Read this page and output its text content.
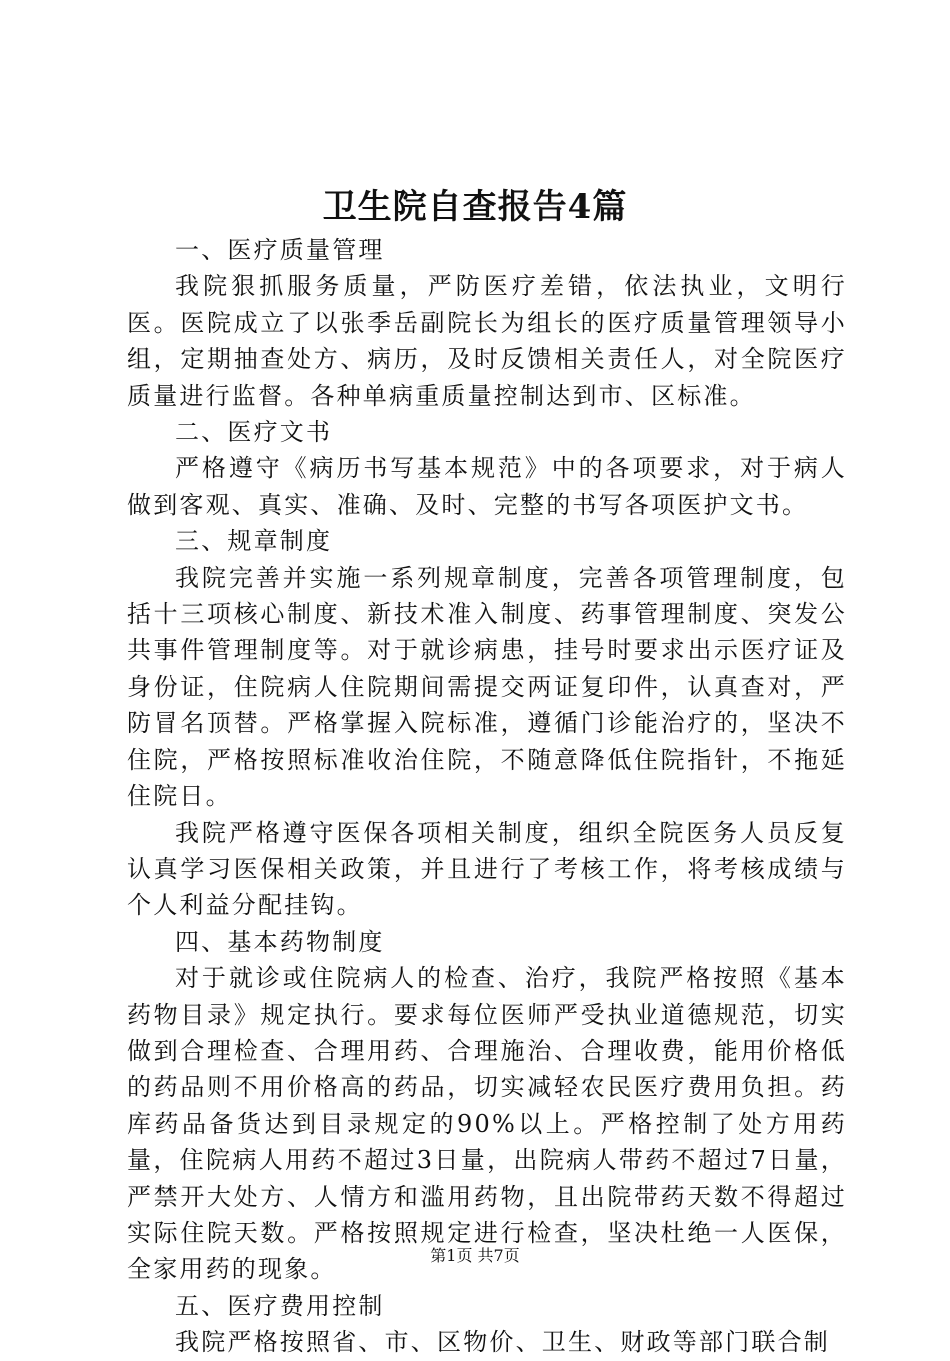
卫生院自查报告4篇

一、医疗质量管理

我院狠抓服务质量，严防医疗差错，依法执业，文明行医。医院成立了以张季岳副院长为组长的医疗质量管理领导小组，定期抽查处方、病历，及时反馈相关责任人，对全院医疗质量进行监督。各种单病重质量控制达到市、区标准。

二、医疗文书

严格遵守《病历书写基本规范》中的各项要求，对于病人做到客观、真实、准确、及时、完整的书写各项医护文书。

三、规章制度

我院完善并实施一系列规章制度，完善各项管理制度，包括十三项核心制度、新技术准入制度、药事管理制度、突发公共事件管理制度等。对于就诊病患，挂号时要求出示医疗证及身份证，住院病人住院期间需提交两证复印件，认真查对，严防冒名顶替。严格掌握入院标准，遵循门诊能治疗的，坚决不住院，严格按照标准收治住院，不随意降低住院指针，不拖延住院日。

我院严格遵守医保各项相关制度，组织全院医务人员反复认真学习医保相关政策，并且进行了考核工作，将考核成绩与个人利益分配挂钩。

四、基本药物制度

对于就诊或住院病人的检查、治疗，我院严格按照《基本药物目录》规定执行。要求每位医师严受执业道德规范，切实做到合理检查、合理用药、合理施治、合理收费，能用价格低的药品则不用价格高的药品，切实减轻农民医疗费用负担。药库药品备货达到目录规定的90%以上。严格控制了处方用药量，住院病人用药不超过3日量，出院病人带药不超过7日量，严禁开大处方、人情方和滥用药物，且出院带药天数不得超过实际住院天数。严格按照规定进行检查，坚决杜绝一人医保，全家用药的现象。

五、医疗费用控制

我院严格按照省、市、区物价、卫生、财政等部门联合制

第1页 共7页
